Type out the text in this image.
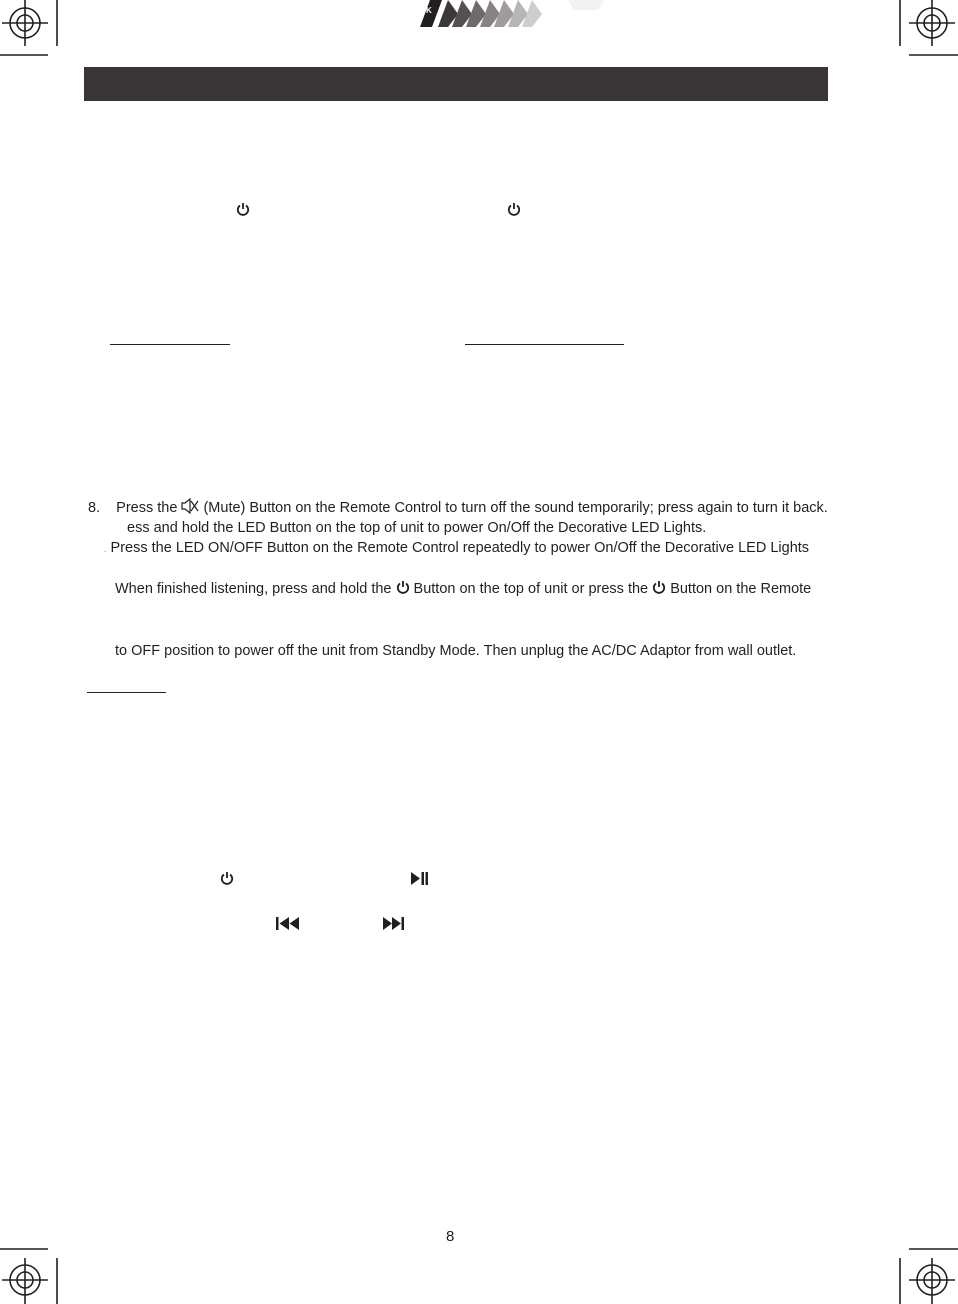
K
8. Press the (Mute) Button on the Remote Control to turn off the sound temporarily; press again to turn it back.
ess and hold the LED Button on the top of unit to power On/Off the Decorative LED Lights.
. Press the LED ON/OFF Button on the Remote Control repeatedly to power On/Off the Decorative LED Lights
When finished listening, press and hold the Button on the top of unit or press the Button on the Remote
to OFF position to power off the unit from Standby Mode. Then unplug the AC/DC Adaptor from wall outlet.
8
